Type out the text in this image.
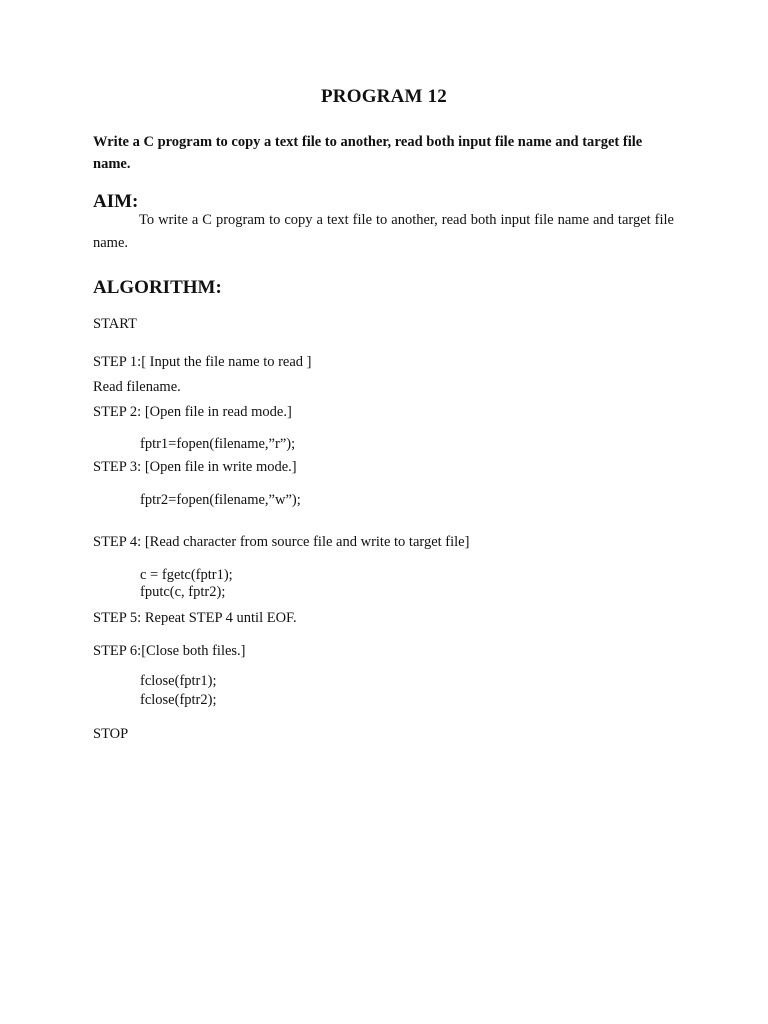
PROGRAM 12

Write a C program to copy a text file to another, read both input file name and target file name.

AIM:

To write a C program to copy a text file to another, read both input file name and target file name.

ALGORITHM:
START
STEP 1:[ Input the file name to read ]
Read filename.
STEP 2: [Open file in read mode.]
fptr1=fopen(filename,”r”);
STEP 3: [Open file in write mode.]
fptr2=fopen(filename,”w”);
STEP 4: [Read character from source file and write to target file]
c = fgetc(fptr1);
fputc(c, fptr2);
STEP 5: Repeat STEP 4 until EOF.
STEP 6:[Close both files.]
fclose(fptr1);
fclose(fptr2);
STOP
